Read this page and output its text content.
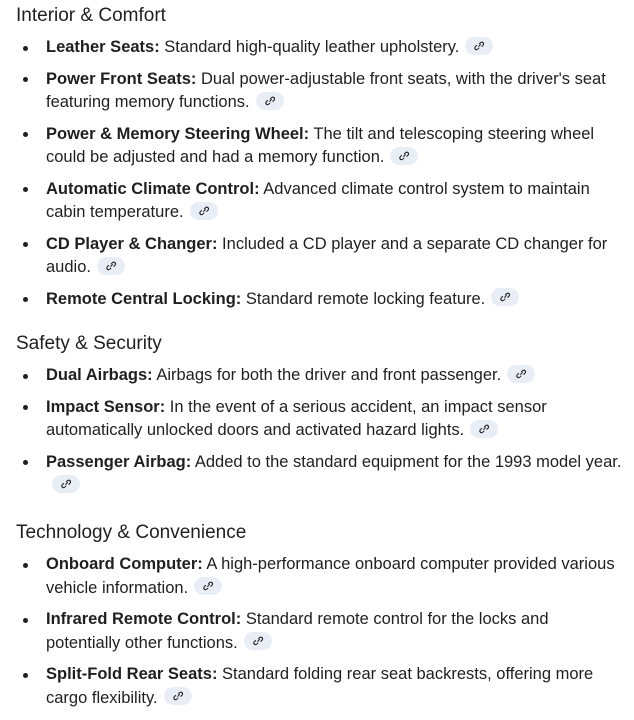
Interior & Comfort
Leather Seats: Standard high-quality leather upholstery.
Power Front Seats: Dual power-adjustable front seats, with the driver's seat featuring memory functions.
Power & Memory Steering Wheel: The tilt and telescoping steering wheel could be adjusted and had a memory function.
Automatic Climate Control: Advanced climate control system to maintain cabin temperature.
CD Player & Changer: Included a CD player and a separate CD changer for audio.
Remote Central Locking: Standard remote locking feature.
Safety & Security
Dual Airbags: Airbags for both the driver and front passenger.
Impact Sensor: In the event of a serious accident, an impact sensor automatically unlocked doors and activated hazard lights.
Passenger Airbag: Added to the standard equipment for the 1993 model year.
Technology & Convenience
Onboard Computer: A high-performance onboard computer provided various vehicle information.
Infrared Remote Control: Standard remote control for the locks and potentially other functions.
Split-Fold Rear Seats: Standard folding rear seat backrests, offering more cargo flexibility.
